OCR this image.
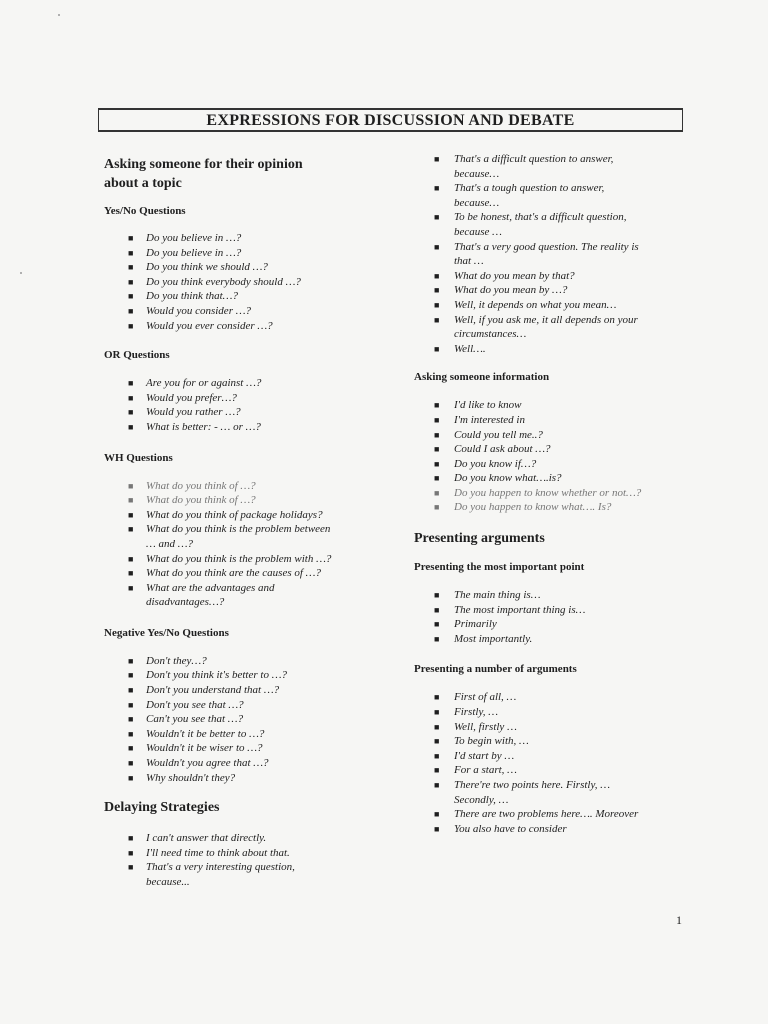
EXPRESSIONS FOR DISCUSSION AND DEBATE

Asking someone for their opinion
about a topic

Yes/No Questions

■ Do you believe in …?
■ Do you believe in …?
■ Do you think we should …?
■ Do you think everybody should …?
■ Do you think that…?
■ Would you consider …?
■ Would you ever consider …?

OR Questions

■ Are you for or against …?
■ Would you prefer…?
■ Would you rather …?
■ What is better: - … or …?

WH Questions

■ What do you think of …?
■ What do you think of …?
■ What do you think of package holidays?
■ What do you think is the problem between
… and …?
■ What do you think is the problem with …?
■ What do you think are the causes of …?
■ What are the advantages and
disadvantages…?

Negative Yes/No Questions

■ Don't they…?
■ Don't you think it's better to …?
■ Don't you understand that …?
■ Don't you see that …?
■ Can't you see that …?
■ Wouldn't it be better to …?
■ Wouldn't it be wiser to …?
■ Wouldn't you agree that …?
■ Why shouldn't they?

Delaying Strategies

■ I can't answer that directly.
■ I'll need time to think about that.
■ That's a very interesting question,
because...
■ That's a difficult question to answer,
because…
■ That's a tough question to answer,
because…
■ To be honest, that's a difficult question,
because …
■ That's a very good question. The reality is
that …
■ What do you mean by that?
■ What do you mean by …?
■ Well, it depends on what you mean…
■ Well, if you ask me, it all depends on your
circumstances…
■ Well….

Asking someone information

■ I'd like to know
■ I'm interested in
■ Could you tell me..?
■ Could I ask about …?
■ Do you know if…?
■ Do you know what….is?
■ Do you happen to know whether or not…?
■ Do you happen to know what…. Is?

Presenting arguments

Presenting the most important point

■ The main thing is…
■ The most important thing is…
■ Primarily
■ Most importantly.

Presenting a number of arguments

■ First of all, …
■ Firstly, …
■ Well, firstly …
■ To begin with, …
■ I'd start by …
■ For a start, …
■ There're two points here. Firstly, …
Secondly, …
■ There are two problems here…. Moreover
■ You also have to consider
1
